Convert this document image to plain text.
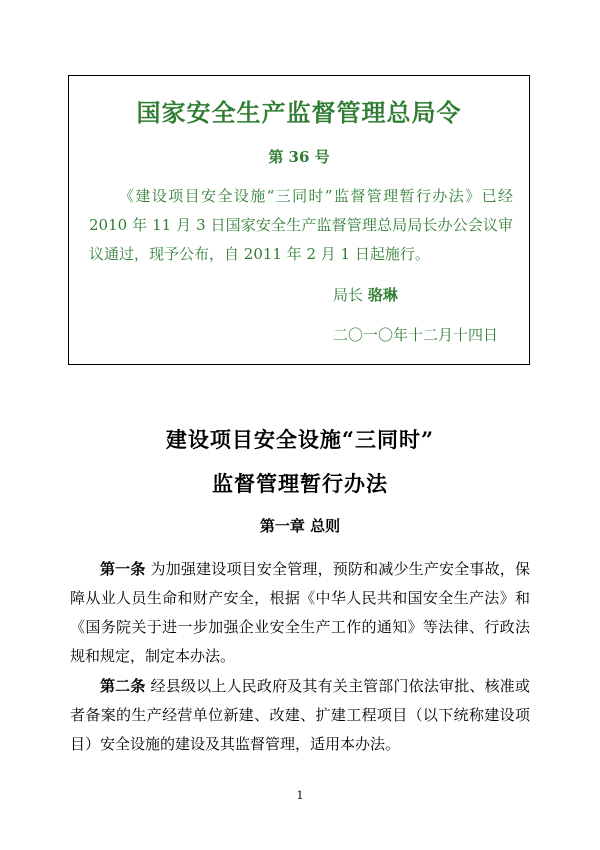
国家安全生产监督管理总局令
第 36 号
《建设项目安全设施“三同时”监督管理暂行办法》已经2010 年 11 月 3 日国家安全生产监督管理总局局长办公会议审议通过，现予公布，自 2011 年 2 月 1 日起施行。
局长 骆琳
二〇一〇年十二月十四日
建设项目安全设施“三同时”
监督管理暂行办法
第一章 总则
第一条 为加强建设项目安全管理，预防和减少生产安全事故，保障从业人员生命和财产安全，根据《中华人民共和国安全生产法》和《国务院关于进一步加强企业安全生产工作的通知》等法律、行政法规和规定，制定本办法。
第二条 经县级以上人民政府及其有关主管部门依法审批、核准或者备案的生产经营单位新建、改建、扩建工程项目（以下统称建设项目）安全设施的建设及其监督管理，适用本办法。
1
